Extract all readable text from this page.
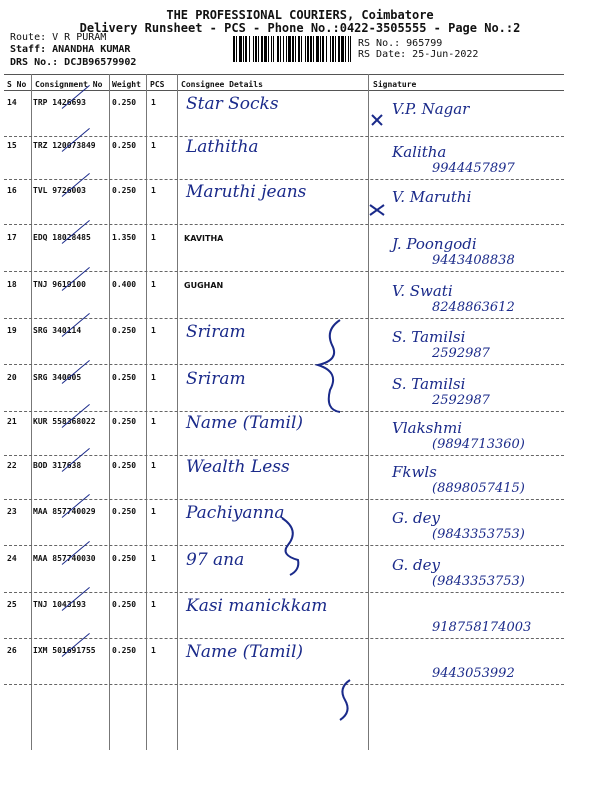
THE PROFESSIONAL COURIERS, Coimbatore
Delivery Runsheet - PCS - Phone No.:0422-3505555 - Page No.:2
Route: V R PURAM
Staff: ANANDHA KUMAR
DRS No.: DCJB96579902
RS No.: 965799
RS Date: 25-Jun-2022
S No Consignment No Weight PCS Consignee Details	Signature
14 TRP 1426693	0.250 1 Star Socks	V.P. Nagar
15 TRZ 120073849 0.250 1 Lathitha	Kalitha
9944457897
16 TVL 9726003	0.250 1 Maruthi jeans	V. Maruthi
17 EDQ 18028485	1.350 1	KAVITHA	J. Poongodi
9443408838
18 TNJ 9619100	0.400 1	GUGHAN	V. Swati
8248863612
19 SRG 340114	0.250 1 Sriram	S. Tamilsi
2592987
20 SRG 340005	0.250 1 Sriram	S. Tamilsi
2592987
21 KUR 558368022 0.250 1 Name (Tamil)	Vlakshmi
(9894713360)
22 BOD 317638	0.250 1 Wealth Less	Fkwls
(8898057415)
23 MAA 857740029 0.250 1 Pachiyanna	G. dey
(9843353753)
24 MAA 857740030 0.250 1 97 ana	G. dey
(9843353753)
25 TNJ 1043193	0.250 1 Kasi manickkam
918758174003
26 IXM 501691755 0.250 1 Name (Tamil)
9443053992
